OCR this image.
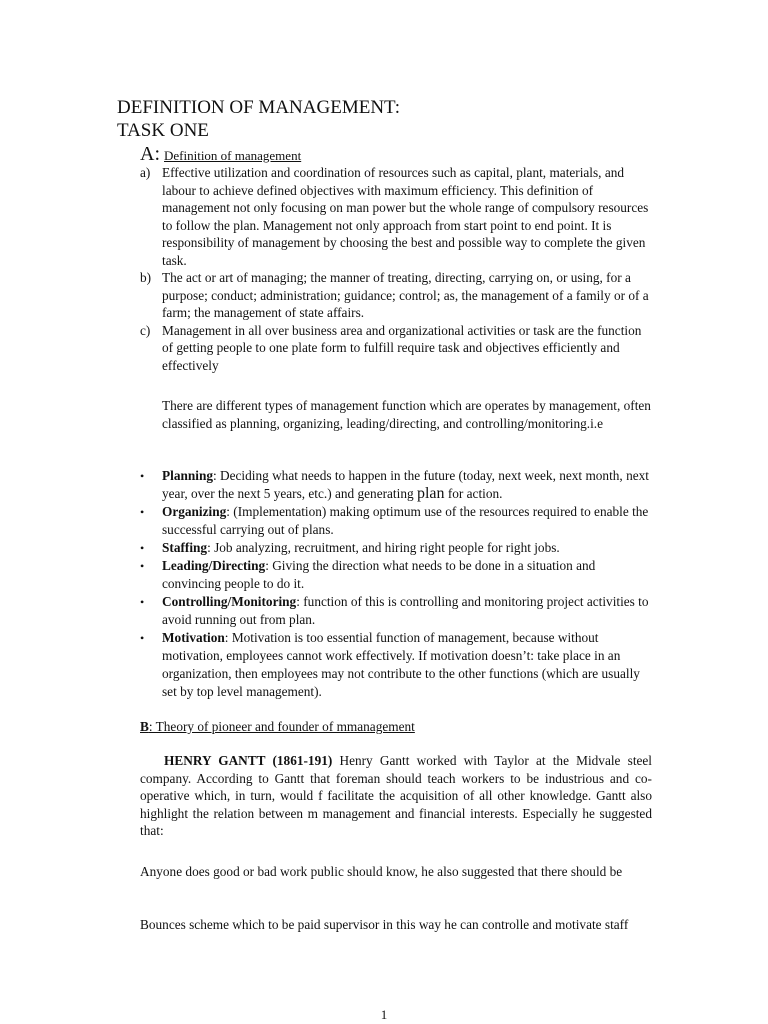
DEFINITION OF MANAGEMENT:
TASK ONE
A: Definition of management
a) Effective utilization and coordination of resources such as capital, plant, materials, and labour to achieve defined objectives with maximum efficiency. This definition of management not only focusing on man power but the whole range of compulsory resources to follow the plan. Management not only approach from start point to end point. It is responsibility of management by choosing the best and possible way to complete the given task.
b) The act or art of managing; the manner of treating, directing, carrying on, or using, for a purpose; conduct; administration; guidance; control; as, the management of a family or of a farm; the management of state affairs.
c) Management in all over business area and organizational activities or task are the function of getting people to one plate form to fulfill require task and objectives efficiently and effectively
There are different types of management function which are operates by management, often classified as planning, organizing, leading/directing, and controlling/monitoring.i.e
•	Planning: Deciding what needs to happen in the future (today, next week, next month, next year, over the next 5 years, etc.) and generating plan for action.
•	Organizing: (Implementation) making optimum use of the resources required to enable the successful carrying out of plans.
•	Staffing: Job analyzing, recruitment, and hiring right people for right jobs.
•	Leading/Directing: Giving the direction what needs to be done in a situation and convincing people to do it.
•	Controlling/Monitoring: function of this is controlling and monitoring project activities to avoid running out from plan.
•	Motivation: Motivation is too essential function of management, because without motivation, employees cannot work effectively. If motivation doesn’t: take place in an organization, then employees may not contribute to the other functions (which are usually set by top level management).
B: Theory of pioneer and founder of mmanagement
HENRY GANTT (1861-191) Henry Gantt worked with Taylor at the Midvale steel company. According to Gantt that foreman should teach workers to be industrious and co-operative which, in turn, would f facilitate the acquisition of all other knowledge. Gantt also highlight the relation between m management and financial interests. Especially he suggested that:
Anyone does good or bad work public should know, he also suggested that there should be
Bounces scheme which to be paid supervisor in this way he can controlle and motivate staff
1
